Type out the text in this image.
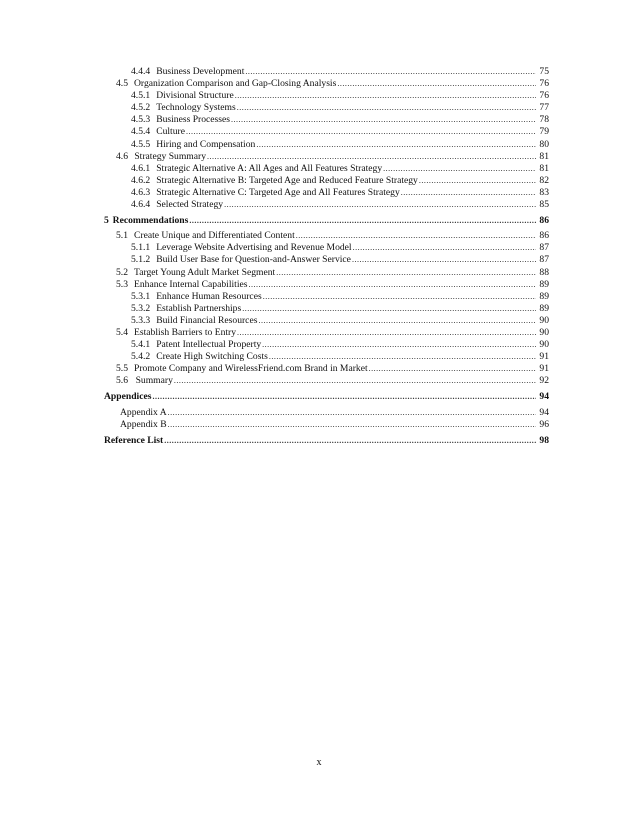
4.4.4 Business Development .....	75
4.5 Organization Comparison and Gap-Closing Analysis .....	76
4.5.1 Divisional Structure .....	76
4.5.2 Technology Systems .....	77
4.5.3 Business Processes .....	78
4.5.4 Culture .....	79
4.5.5 Hiring and Compensation .....	80
4.6 Strategy Summary .....	81
4.6.1 Strategic Alternative A: All Ages and All Features Strategy .....	81
4.6.2 Strategic Alternative B: Targeted Age and Reduced Feature Strategy .....	82
4.6.3 Strategic Alternative C: Targeted Age and All Features Strategy .....	83
4.6.4 Selected Strategy .....	85
5 Recommendations .....	86
5.1 Create Unique and Differentiated Content .....	86
5.1.1 Leverage Website Advertising and Revenue Model .....	87
5.1.2 Build User Base for Question-and-Answer Service .....	87
5.2 Target Young Adult Market Segment .....	88
5.3 Enhance Internal Capabilities .....	89
5.3.1 Enhance Human Resources .....	89
5.3.2 Establish Partnerships .....	89
5.3.3 Build Financial Resources .....	90
5.4 Establish Barriers to Entry .....	90
5.4.1 Patent Intellectual Property .....	90
5.4.2 Create High Switching Costs .....	91
5.5 Promote Company and WirelessFriend.com Brand in Market .....	91
5.6 Summary .....	92
Appendices .....	94
Appendix A .....	94
Appendix B .....	96
Reference List .....	98
x
